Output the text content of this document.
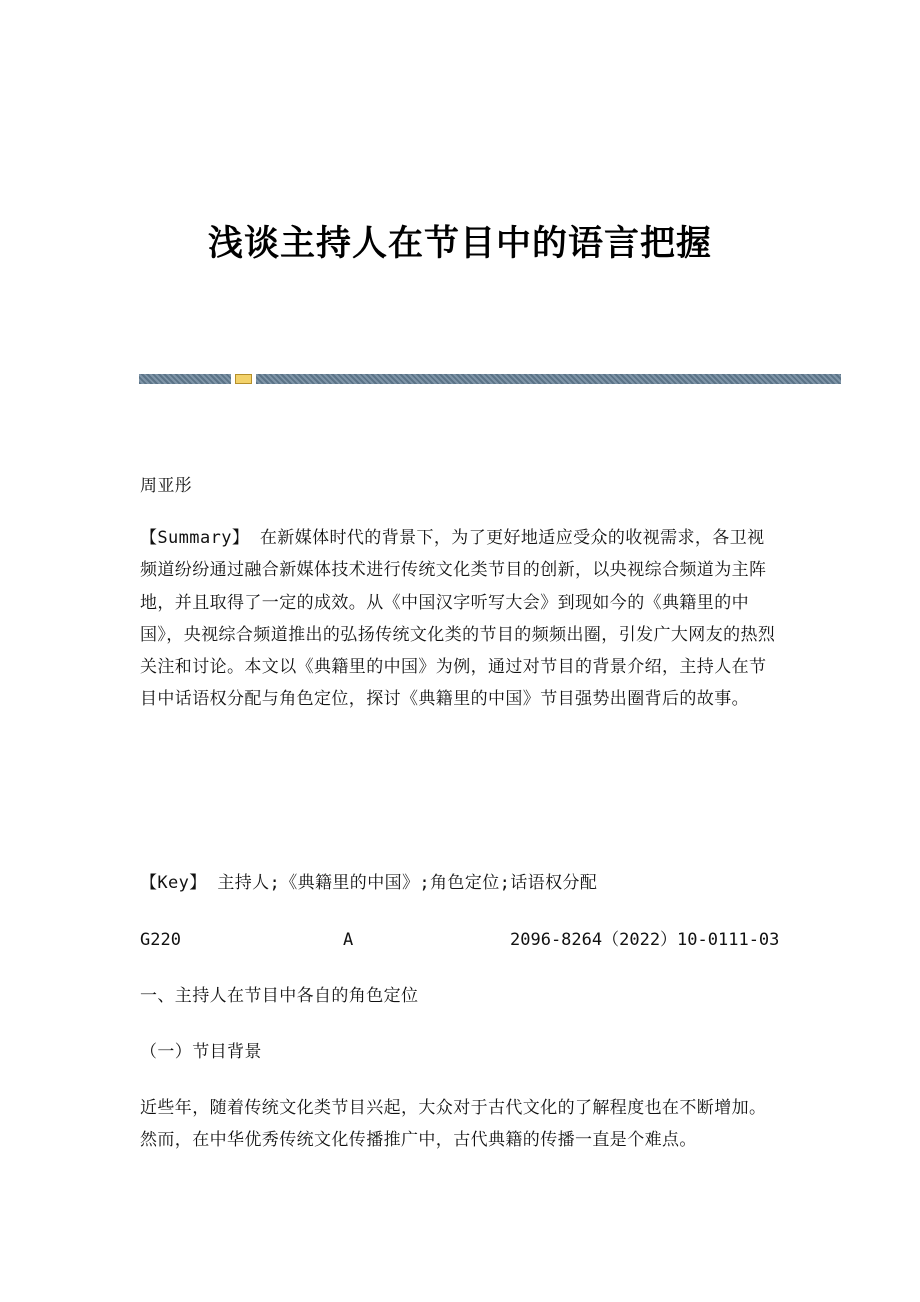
浅谈主持人在节目中的语言把握

周亚彤

【Summary】 在新媒体时代的背景下，为了更好地适应受众的收视需求，各卫视频道纷纷通过融合新媒体技术进行传统文化类节目的创新，以央视综合频道为主阵地，并且取得了一定的成效。从《中国汉字听写大会》到现如今的《典籍里的中国》，央视综合频道推出的弘扬传统文化类的节目的频频出圈，引发广大网友的热烈关注和讨论。本文以《典籍里的中国》为例，通过对节目的背景介绍，主持人在节目中话语权分配与角色定位，探讨《典籍里的中国》节目强势出圈背后的故事。

【Key】 主持人;《典籍里的中国》;角色定位;话语权分配

G220	A	2096-8264（2022）10-0111-03

一、主持人在节目中各自的角色定位

（一）节目背景

近些年，随着传统文化类节目兴起，大众对于古代文化的了解程度也在不断增加。然而，在中华优秀传统文化传播推广中，古代典籍的传播一直是个难点。
